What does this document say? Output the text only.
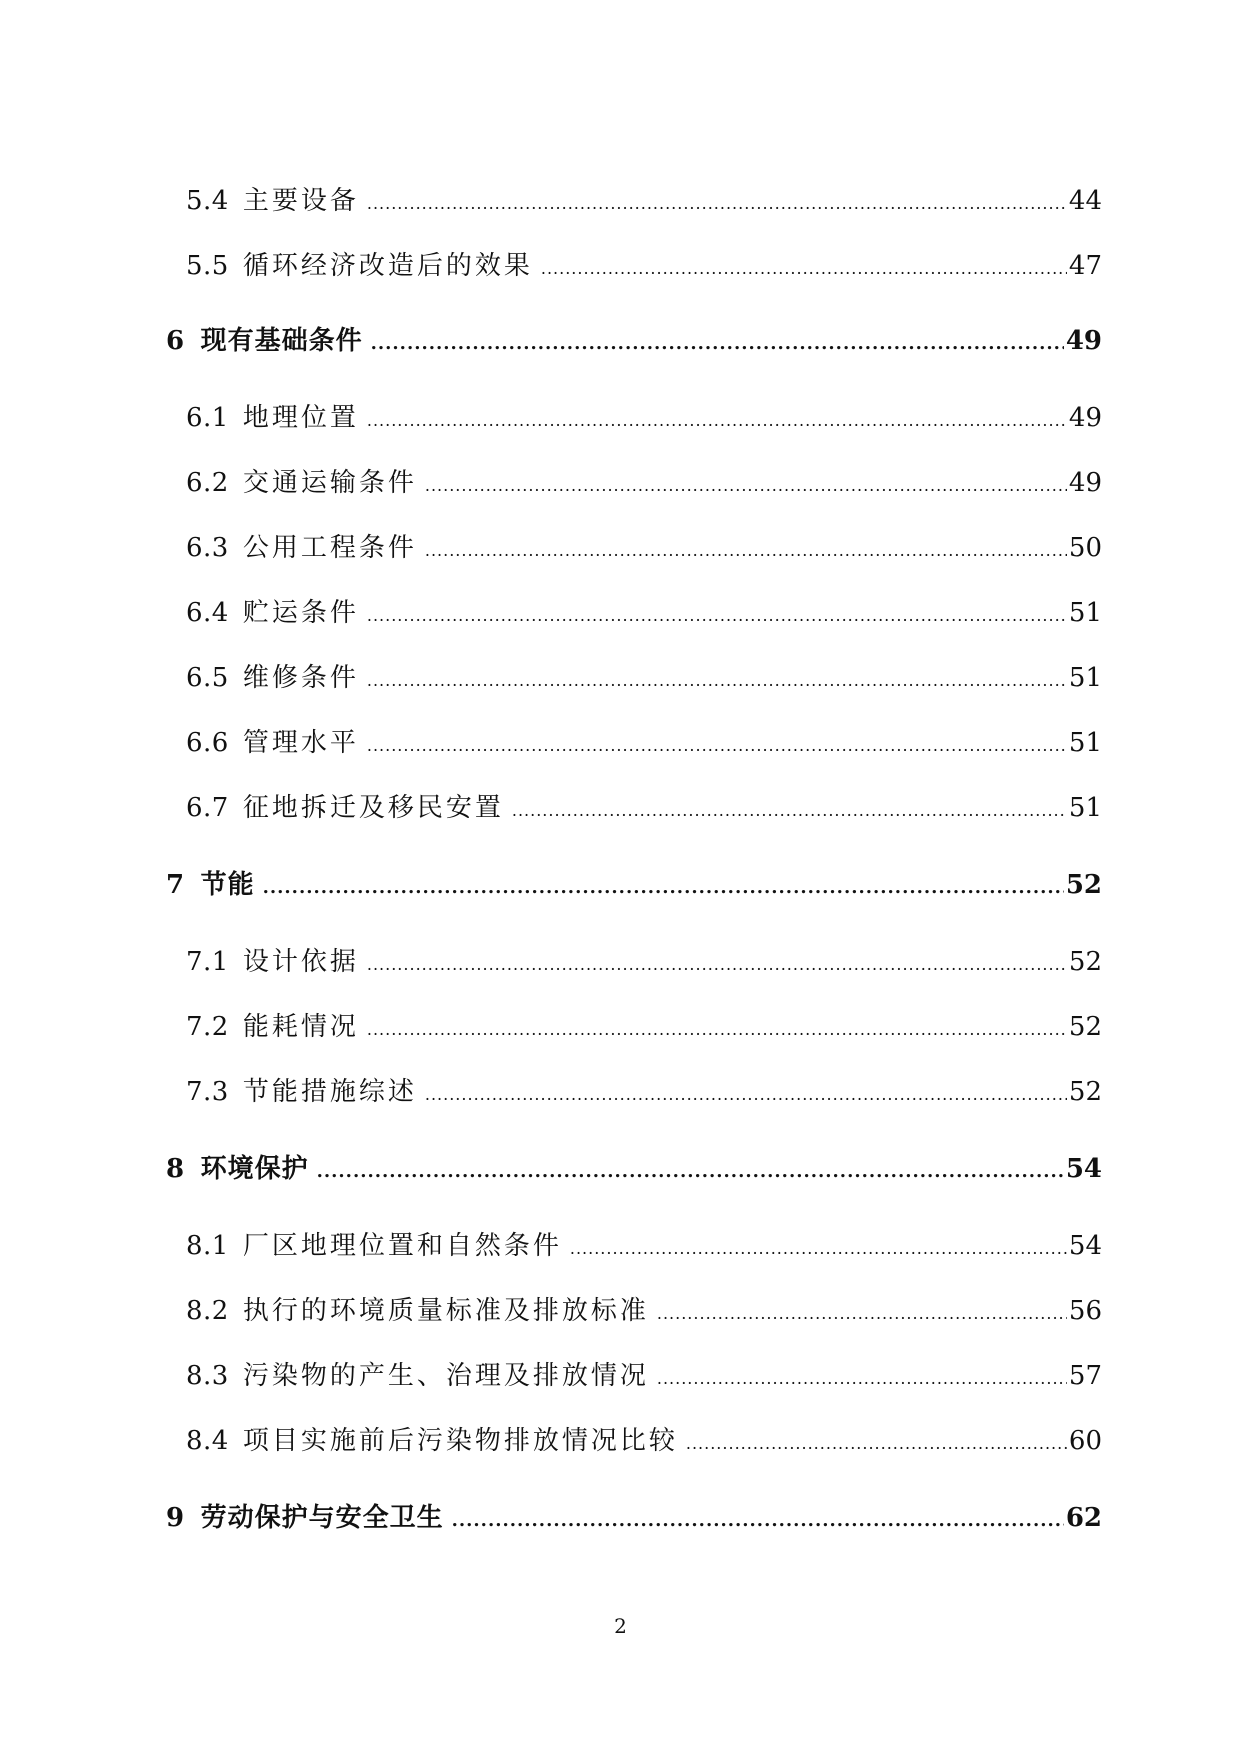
5.4 主要设备 .....	44
5.5 循环经济改造后的效果 .....	47
6 现有基础条件 .....	49
6.1 地理位置 .....	49
6.2 交通运输条件 .....	49
6.3 公用工程条件 .....	50
6.4 贮运条件 .....	51
6.5 维修条件 .....	51
6.6 管理水平 .....	51
6.7 征地拆迁及移民安置 .....	51
7 节能 .....	52
7.1 设计依据 .....	52
7.2 能耗情况 .....	52
7.3 节能措施综述 .....	52
8 环境保护 .....	54
8.1 厂区地理位置和自然条件 .....	54
8.2 执行的环境质量标准及排放标准 .....	56
8.3 污染物的产生、治理及排放情况 .....	57
8.4 项目实施前后污染物排放情况比较 .....	60
9 劳动保护与安全卫生 .....	62
2
